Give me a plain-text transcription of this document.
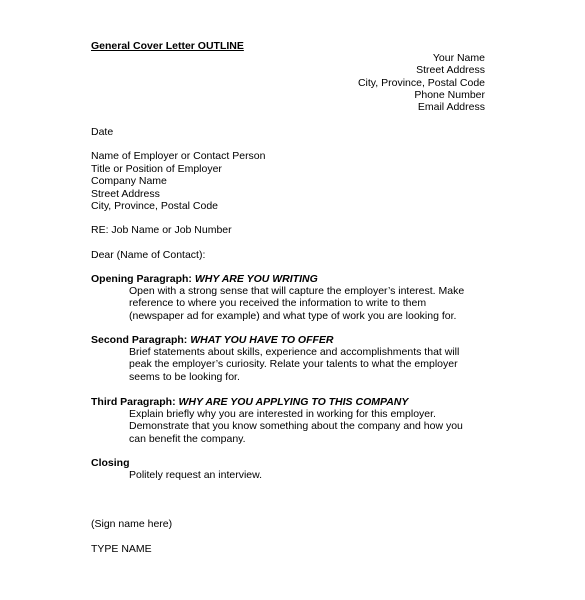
General Cover Letter OUTLINE
Your Name
Street Address
City, Province, Postal Code
Phone Number
Email Address
Date
Name of Employer or Contact Person
Title or Position of Employer
Company Name
Street Address
City, Province, Postal Code
RE: Job Name or Job Number
Dear (Name of Contact):
Opening Paragraph: WHY ARE YOU WRITING
Open with a strong sense that will capture the employer’s interest. Make
reference to where you received the information to write to them
(newspaper ad for example) and what type of work you are looking for.
Second Paragraph: WHAT YOU HAVE TO OFFER
Brief statements about skills, experience and accomplishments that will
peak the employer’s curiosity. Relate your talents to what the employer
seems to be looking for.
Third Paragraph: WHY ARE YOU APPLYING TO THIS COMPANY
Explain briefly why you are interested in working for this employer.
Demonstrate that you know something about the company and how you
can benefit the company.
Closing
Politely request an interview.
(Sign name here)
TYPE NAME
